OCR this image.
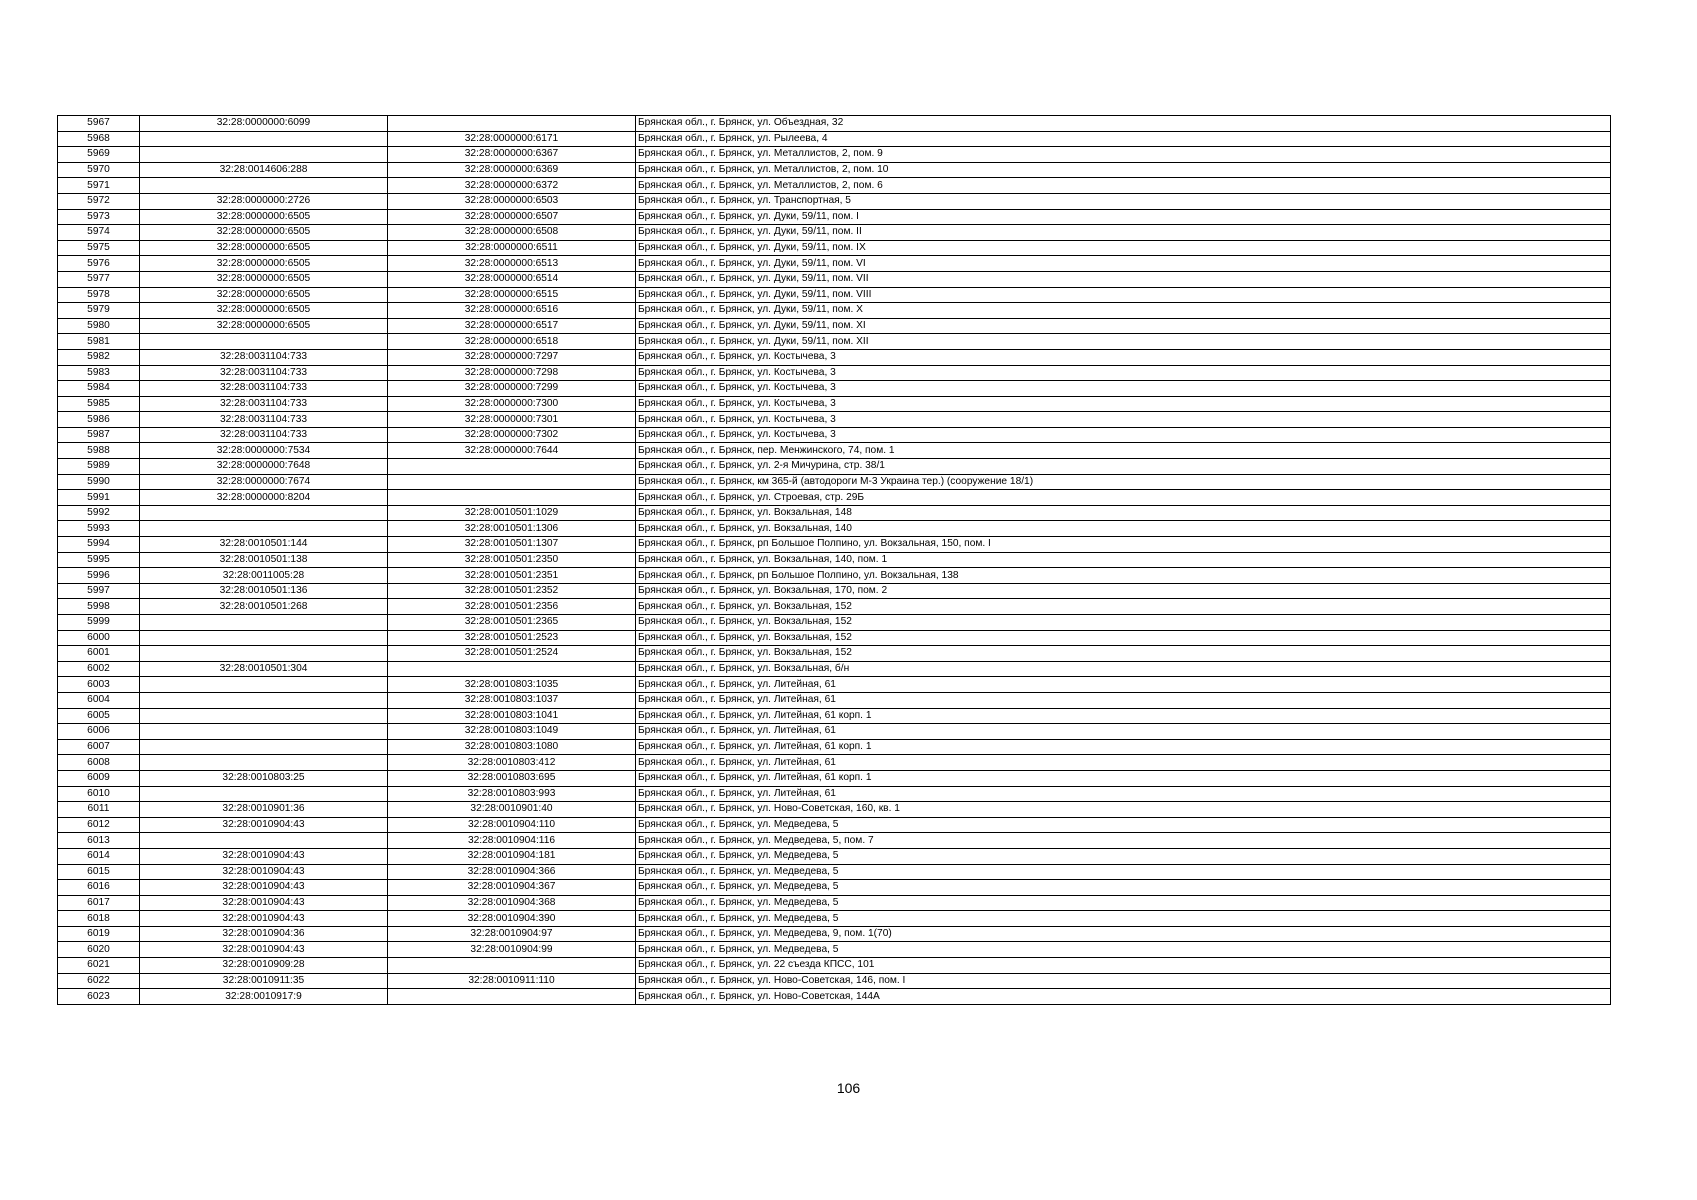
5967	32:28:0000000:6099		Брянская обл., г. Брянск, ул. Объездная, 32
5968		32:28:0000000:6171	Брянская обл., г. Брянск, ул. Рылеева, 4
5969		32:28:0000000:6367	Брянская обл., г. Брянск, ул. Металлистов, 2, пом. 9
5970	32:28:0014606:288	32:28:0000000:6369	Брянская обл., г. Брянск, ул. Металлистов, 2, пом. 10
5971		32:28:0000000:6372	Брянская обл., г. Брянск, ул. Металлистов, 2, пом. 6
5972	32:28:0000000:2726	32:28:0000000:6503	Брянская обл., г. Брянск, ул. Транспортная, 5
5973	32:28:0000000:6505	32:28:0000000:6507	Брянская обл., г. Брянск, ул. Дуки, 59/11, пом. I
5974	32:28:0000000:6505	32:28:0000000:6508	Брянская обл., г. Брянск, ул. Дуки, 59/11, пом. II
5975	32:28:0000000:6505	32:28:0000000:6511	Брянская обл., г. Брянск, ул. Дуки, 59/11, пом. IX
5976	32:28:0000000:6505	32:28:0000000:6513	Брянская обл., г. Брянск, ул. Дуки, 59/11, пом. VI
5977	32:28:0000000:6505	32:28:0000000:6514	Брянская обл., г. Брянск, ул. Дуки, 59/11, пом. VII
5978	32:28:0000000:6505	32:28:0000000:6515	Брянская обл., г. Брянск, ул. Дуки, 59/11, пом. VIII
5979	32:28:0000000:6505	32:28:0000000:6516	Брянская обл., г. Брянск, ул. Дуки, 59/11, пом. X
5980	32:28:0000000:6505	32:28:0000000:6517	Брянская обл., г. Брянск, ул. Дуки, 59/11, пом. XI
5981		32:28:0000000:6518	Брянская обл., г. Брянск, ул. Дуки, 59/11, пом. XII
5982	32:28:0031104:733	32:28:0000000:7297	Брянская обл., г. Брянск, ул. Костычева, 3
5983	32:28:0031104:733	32:28:0000000:7298	Брянская обл., г. Брянск, ул. Костычева, 3
5984	32:28:0031104:733	32:28:0000000:7299	Брянская обл., г. Брянск, ул. Костычева, 3
5985	32:28:0031104:733	32:28:0000000:7300	Брянская обл., г. Брянск, ул. Костычева, 3
5986	32:28:0031104:733	32:28:0000000:7301	Брянская обл., г. Брянск, ул. Костычева, 3
5987	32:28:0031104:733	32:28:0000000:7302	Брянская обл., г. Брянск, ул. Костычева, 3
5988	32:28:0000000:7534	32:28:0000000:7644	Брянская обл., г. Брянск, пер. Менжинского, 74, пом. 1
5989	32:28:0000000:7648		Брянская обл., г. Брянск, ул. 2-я Мичурина, стр. 38/1
5990	32:28:0000000:7674		Брянская обл., г. Брянск, км 365-й (автодороги М-3 Украина тер.) (сооружение 18/1)
5991	32:28:0000000:8204		Брянская обл., г. Брянск, ул. Строевая, стр. 29Б
5992		32:28:0010501:1029	Брянская обл., г. Брянск, ул. Вокзальная, 148
5993		32:28:0010501:1306	Брянская обл., г. Брянск, ул. Вокзальная, 140
5994	32:28:0010501:144	32:28:0010501:1307	Брянская обл., г. Брянск, рп Большое Полпино, ул. Вокзальная, 150, пом. I
5995	32:28:0010501:138	32:28:0010501:2350	Брянская обл., г. Брянск, ул. Вокзальная, 140, пом. 1
5996	32:28:0011005:28	32:28:0010501:2351	Брянская обл., г. Брянск, рп Большое Полпино, ул. Вокзальная, 138
5997	32:28:0010501:136	32:28:0010501:2352	Брянская обл., г. Брянск, ул. Вокзальная, 170, пом. 2
5998	32:28:0010501:268	32:28:0010501:2356	Брянская обл., г. Брянск, ул. Вокзальная, 152
5999		32:28:0010501:2365	Брянская обл., г. Брянск, ул. Вокзальная, 152
6000		32:28:0010501:2523	Брянская обл., г. Брянск, ул. Вокзальная, 152
6001		32:28:0010501:2524	Брянская обл., г. Брянск, ул. Вокзальная, 152
6002	32:28:0010501:304		Брянская обл., г. Брянск, ул. Вокзальная, б/н
6003		32:28:0010803:1035	Брянская обл., г. Брянск, ул. Литейная, 61
6004		32:28:0010803:1037	Брянская обл., г. Брянск, ул. Литейная, 61
6005		32:28:0010803:1041	Брянская обл., г. Брянск, ул. Литейная, 61 корп. 1
6006		32:28:0010803:1049	Брянская обл., г. Брянск, ул. Литейная, 61
6007		32:28:0010803:1080	Брянская обл., г. Брянск, ул. Литейная, 61 корп. 1
6008		32:28:0010803:412	Брянская обл., г. Брянск, ул. Литейная, 61
6009	32:28:0010803:25	32:28:0010803:695	Брянская обл., г. Брянск, ул. Литейная, 61 корп. 1
6010		32:28:0010803:993	Брянская обл., г. Брянск, ул. Литейная, 61
6011	32:28:0010901:36	32:28:0010901:40	Брянская обл., г. Брянск, ул. Ново-Советская, 160, кв. 1
6012	32:28:0010904:43	32:28:0010904:110	Брянская обл., г. Брянск, ул. Медведева, 5
6013		32:28:0010904:116	Брянская обл., г. Брянск, ул. Медведева, 5, пом. 7
6014	32:28:0010904:43	32:28:0010904:181	Брянская обл., г. Брянск, ул. Медведева, 5
6015	32:28:0010904:43	32:28:0010904:366	Брянская обл., г. Брянск, ул. Медведева, 5
6016	32:28:0010904:43	32:28:0010904:367	Брянская обл., г. Брянск, ул. Медведева, 5
6017	32:28:0010904:43	32:28:0010904:368	Брянская обл., г. Брянск, ул. Медведева, 5
6018	32:28:0010904:43	32:28:0010904:390	Брянская обл., г. Брянск, ул. Медведева, 5
6019	32:28:0010904:36	32:28:0010904:97	Брянская обл., г. Брянск, ул. Медведева, 9, пом. 1(70)
6020	32:28:0010904:43	32:28:0010904:99	Брянская обл., г. Брянск, ул. Медведева, 5
6021	32:28:0010909:28		Брянская обл., г. Брянск, ул. 22 съезда КПСС, 101
6022	32:28:0010911:35	32:28:0010911:110	Брянская обл., г. Брянск, ул. Ново-Советская, 146, пом. I
6023	32:28:0010917:9		Брянская обл., г. Брянск, ул. Ново-Советская, 144А
106
